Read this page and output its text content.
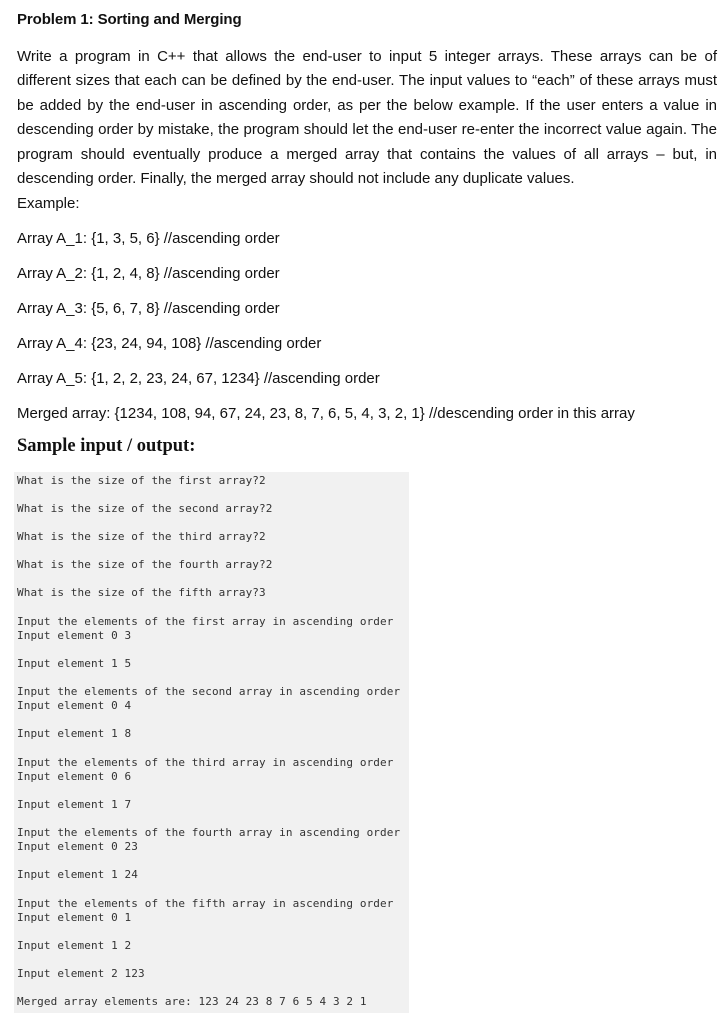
Problem 1: Sorting and Merging
Write a program in C++ that allows the end-user to input 5 integer arrays. These arrays can be of different sizes that each can be defined by the end-user. The input values to “each” of these arrays must be added by the end-user in ascending order, as per the below example. If the user enters a value in descending order by mistake, the program should let the end-user re-enter the incorrect value again. The program should eventually produce a merged array that contains the values of all arrays – but, in descending order. Finally, the merged array should not include any duplicate values.
Example:
Array A_1: {1, 3, 5, 6} //ascending order
Array A_2: {1, 2, 4, 8} //ascending order
Array A_3: {5, 6, 7, 8} //ascending order
Array A_4: {23, 24, 94, 108} //ascending order
Array A_5: {1, 2, 2, 23, 24, 67, 1234} //ascending order
Merged array: {1234, 108, 94, 67, 24, 23, 8, 7, 6, 5, 4, 3, 2, 1} //descending order in this array
Sample input / output:
What is the size of the first array?2
What is the size of the second array?2
What is the size of the third array?2
What is the size of the fourth array?2
What is the size of the fifth array?3
Input the elements of the first array in ascending order
Input element 0 3
Input element 1 5
Input the elements of the second array in ascending order
Input element 0 4
Input element 1 8
Input the elements of the third array in ascending order
Input element 0 6
Input element 1 7
Input the elements of the fourth array in ascending order
Input element 0 23
Input element 1 24
Input the elements of the fifth array in ascending order
Input element 0 1
Input element 1 2
Input element 2 123
Merged array elements are: 123 24 23 8 7 6 5 4 3 2 1
